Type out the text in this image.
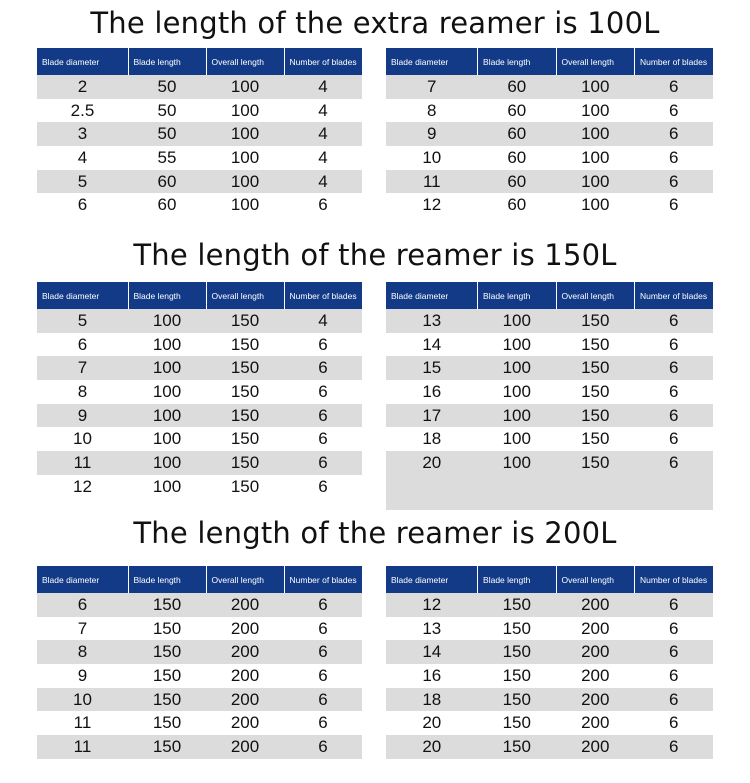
The length of the extra reamer is 100L
Blade diameter	Blade length	Overall length	Number of blades
2	50	100	4
2.5	50	100	4
3	50	100	4
4	55	100	4
5	60	100	4
6	60	100	6
Blade diameter	Blade length	Overall length	Number of blades
7	60	100	6
8	60	100	6
9	60	100	6
10	60	100	6
11	60	100	6
12	60	100	6
The length of the reamer is 150L
Blade diameter	Blade length	Overall length	Number of blades
5	100	150	4
6	100	150	6
7	100	150	6
8	100	150	6
9	100	150	6
10	100	150	6
11	100	150	6
12	100	150	6
Blade diameter	Blade length	Overall length	Number of blades
13	100	150	6
14	100	150	6
15	100	150	6
16	100	150	6
17	100	150	6
18	100	150	6
20	100	150	6

The length of the reamer is 200L
Blade diameter	Blade length	Overall length	Number of blades
6	150	200	6
7	150	200	6
8	150	200	6
9	150	200	6
10	150	200	6
11	150	200	6
11	150	200	6
Blade diameter	Blade length	Overall length	Number of blades
12	150	200	6
13	150	200	6
14	150	200	6
16	150	200	6
18	150	200	6
20	150	200	6
20	150	200	6
